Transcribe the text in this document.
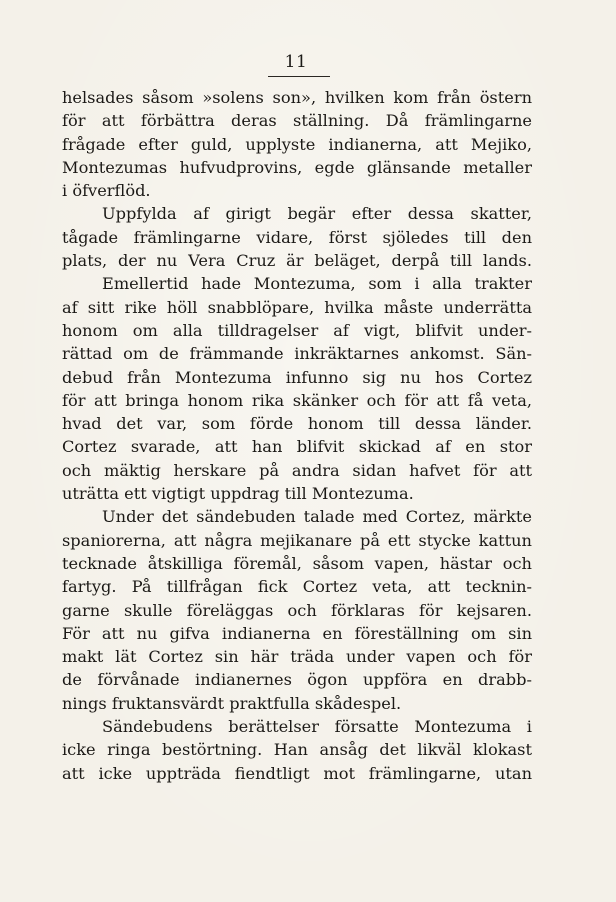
11
helsades såsom »solens son», hvilken kom från östern
för att förbättra deras ställning. Då främlingarne
frågade efter guld, upplyste indianerna, att Mejiko,
Montezumas hufvudprovins, egde glänsande metaller
i öfverflöd.
Uppfylda af girigt begär efter dessa skatter,
tågade främlingarne vidare, först sjöledes till den
plats, der nu Vera Cruz är beläget, derpå till lands.
Emellertid hade Montezuma, som i alla trakter
af sitt rike höll snabblöpare, hvilka måste underrätta
honom om alla tilldragelser af vigt, blifvit under-
rättad om de främmande inkräktarnes ankomst. Sän-
debud från Montezuma infunno sig nu hos Cortez
för att bringa honom rika skänker och för att få veta,
hvad det var, som förde honom till dessa länder.
Cortez svarade, att han blifvit skickad af en stor
och mäktig herskare på andra sidan hafvet för att
uträtta ett vigtigt uppdrag till Montezuma.
Under det sändebuden talade med Cortez, märkte
spaniorerna, att några mejikanare på ett stycke kattun
tecknade åtskilliga föremål, såsom vapen, hästar och
fartyg. På tillfrågan fick Cortez veta, att tecknin-
garne skulle föreläggas och förklaras för kejsaren.
För att nu gifva indianerna en föreställning om sin
makt lät Cortez sin här träda under vapen och för
de förvånade indianernes ögon uppföra en drabb-
nings fruktansvärdt praktfulla skådespel.
Sändebudens berättelser försatte Montezuma i
icke ringa bestörtning. Han ansåg det likväl klokast
att icke uppträda fiendtligt mot främlingarne, utan
